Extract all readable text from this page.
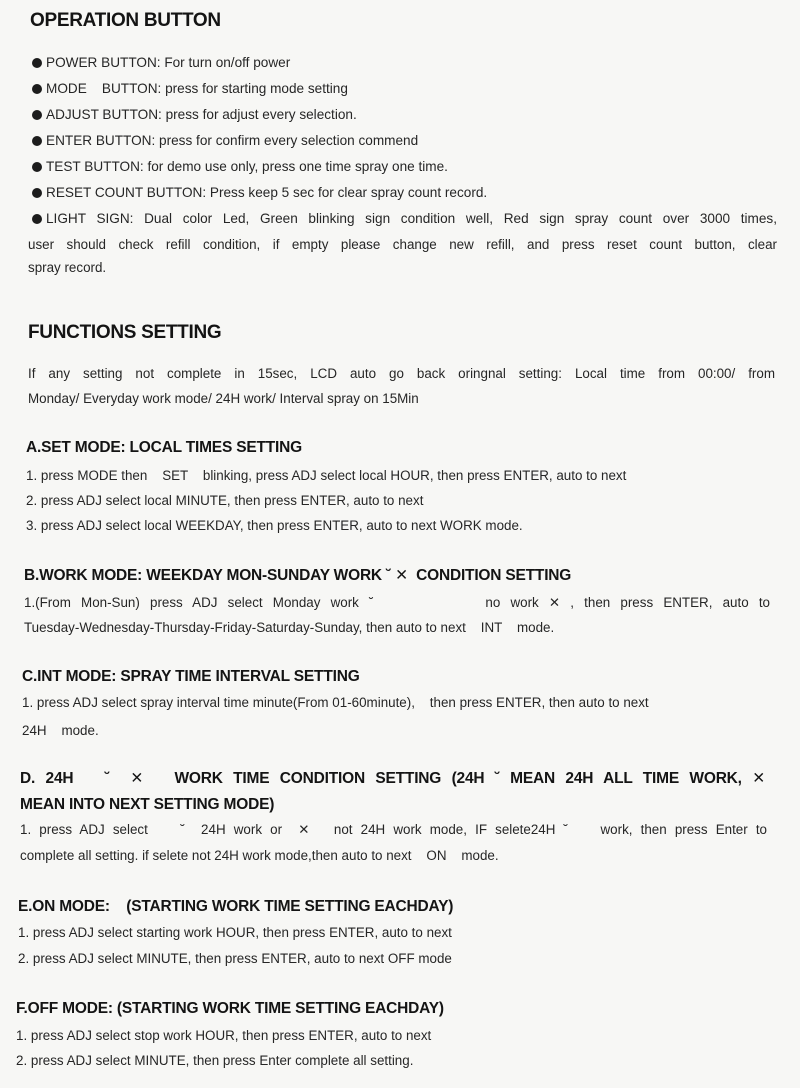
OPERATION BUTTON
POWER BUTTON: For turn on/off power
MODE    BUTTON: press for starting mode setting
ADJUST BUTTON: press for adjust every selection.
ENTER BUTTON: press for confirm every selection commend
TEST BUTTON: for demo use only, press one time spray one time.
RESET COUNT BUTTON: Press keep 5 sec for clear spray count record.
LIGHT SIGN: Dual color Led, Green blinking sign condition well, Red sign spray count over 3000 times,
user should check refill condition, if empty please change new refill, and press reset count button, clear
spray record.
FUNCTIONS SETTING
If any setting not complete in 15sec, LCD auto go back oringnal setting: Local time from 00:00/ from
Monday/ Everyday work mode/ 24H work/ Interval spray on 15Min
A.SET MODE: LOCAL TIMES SETTING
1. press MODE then    SET    blinking, press ADJ select local HOUR, then press ENTER, auto to next
2. press ADJ select local MINUTE, then press ENTER, auto to next
3. press ADJ select local WEEKDAY, then press ENTER, auto to next WORK mode.
B.WORK MODE: WEEKDAY MON-SUNDAY WORK ˘ ✕  CONDITION SETTING
1.(From Mon-Sun) press ADJ select Monday work ˘           no work ✕ , then press ENTER, auto to
Tuesday-Wednesday-Thursday-Friday-Saturday-Sunday, then auto to next    INT    mode.
C.INT MODE: SPRAY TIME INTERVAL SETTING
1. press ADJ select spray interval time minute(From 01-60minute),    then press ENTER, then auto to next
24H    mode.
D. 24H   ˘  ✕   WORK TIME CONDITION SETTING (24H ˘ MEAN 24H ALL TIME WORK, ✕
MEAN INTO NEXT SETTING MODE)
1. press ADJ select    ˘  24H work or  ✕   not 24H work mode, IF selete24H ˘    work, then press Enter to
complete all setting. if selete not 24H work mode,then auto to next    ON    mode.
E.ON MODE:    (STARTING WORK TIME SETTING EACHDAY)
1. press ADJ select starting work HOUR, then press ENTER, auto to next
2. press ADJ select MINUTE, then press ENTER, auto to next OFF mode
F.OFF MODE: (STARTING WORK TIME SETTING EACHDAY)
1. press ADJ select stop work HOUR, then press ENTER, auto to next
2. press ADJ select MINUTE, then press Enter complete all setting.
